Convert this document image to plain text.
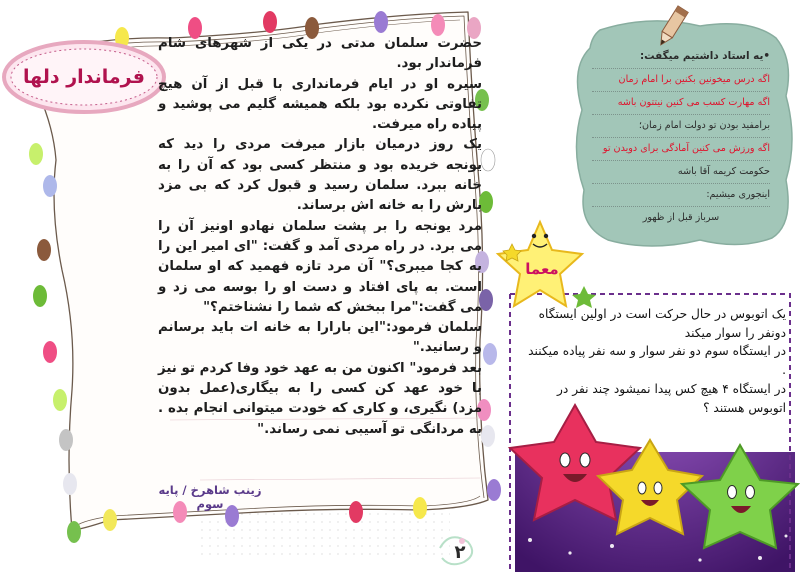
فرماندار دلها

حضرت سلمان مدتی در یکی از شهرهای شام فرماندار بود.

سیره او در ایام فرمانداری با قبل از آن هیچ تفاوتی نکرده بود بلکه همیشه گلیم می پوشید و پیاده راه میرفت.

یک روز درمیان بازار میرفت مردی را دید که یونجه خریده بود و منتظر کسی بود که آن را به خانه ببرد. سلمان رسید و قبول کرد که بی مزد بارش را به خانه اش برساند.

مرد یونجه را بر پشت سلمان نهادو اونیز آن را می برد. در راه مردی آمد و گفت: "ای امیر این را به کجا میبری؟" آن مرد تازه فهمید که او سلمان است. به پای افتاد و دست او را بوسه می زد و می گفت:"مرا ببخش که شما را نشناختم؟"

سلمان فرمود:"این بارارا به خانه ات باید برسانم و رسانید."

بعد فرمود" اکنون من به عهد خود وفا کردم تو نیز با خود عهد کن کسی را به بیگاری(عمل بدون مزد) نگیری، و کاری که خودت میتوانی انجام بده . به مردانگی تو آسیبی نمی رساند."

زینب شاهرخ / پایه سوم
۲
•یه استاد داشتیم میگفت:
اگه درس میخونین بکنین برا امام زمان
اگه مهارت کسب می کنین نیتتون باشه
برامفید بودن تو دولت امام زمان؛
اگه ورزش می کنین آمادگی برای دویدن تو
حکومت کریمه آقا باشه
اینجوری میشیم:
سرباز قبل از ظهور
معما

یک اتوبوس در حال حرکت است در اولین ایستگاه دونفر را سوار میکند

در ایستگاه سوم دو نفر سوار و سه نفر پیاده میکنند .

در ایستگاه ۴ هیچ کس پیدا نمیشود چند نفر در اتوبوس هستند ؟
